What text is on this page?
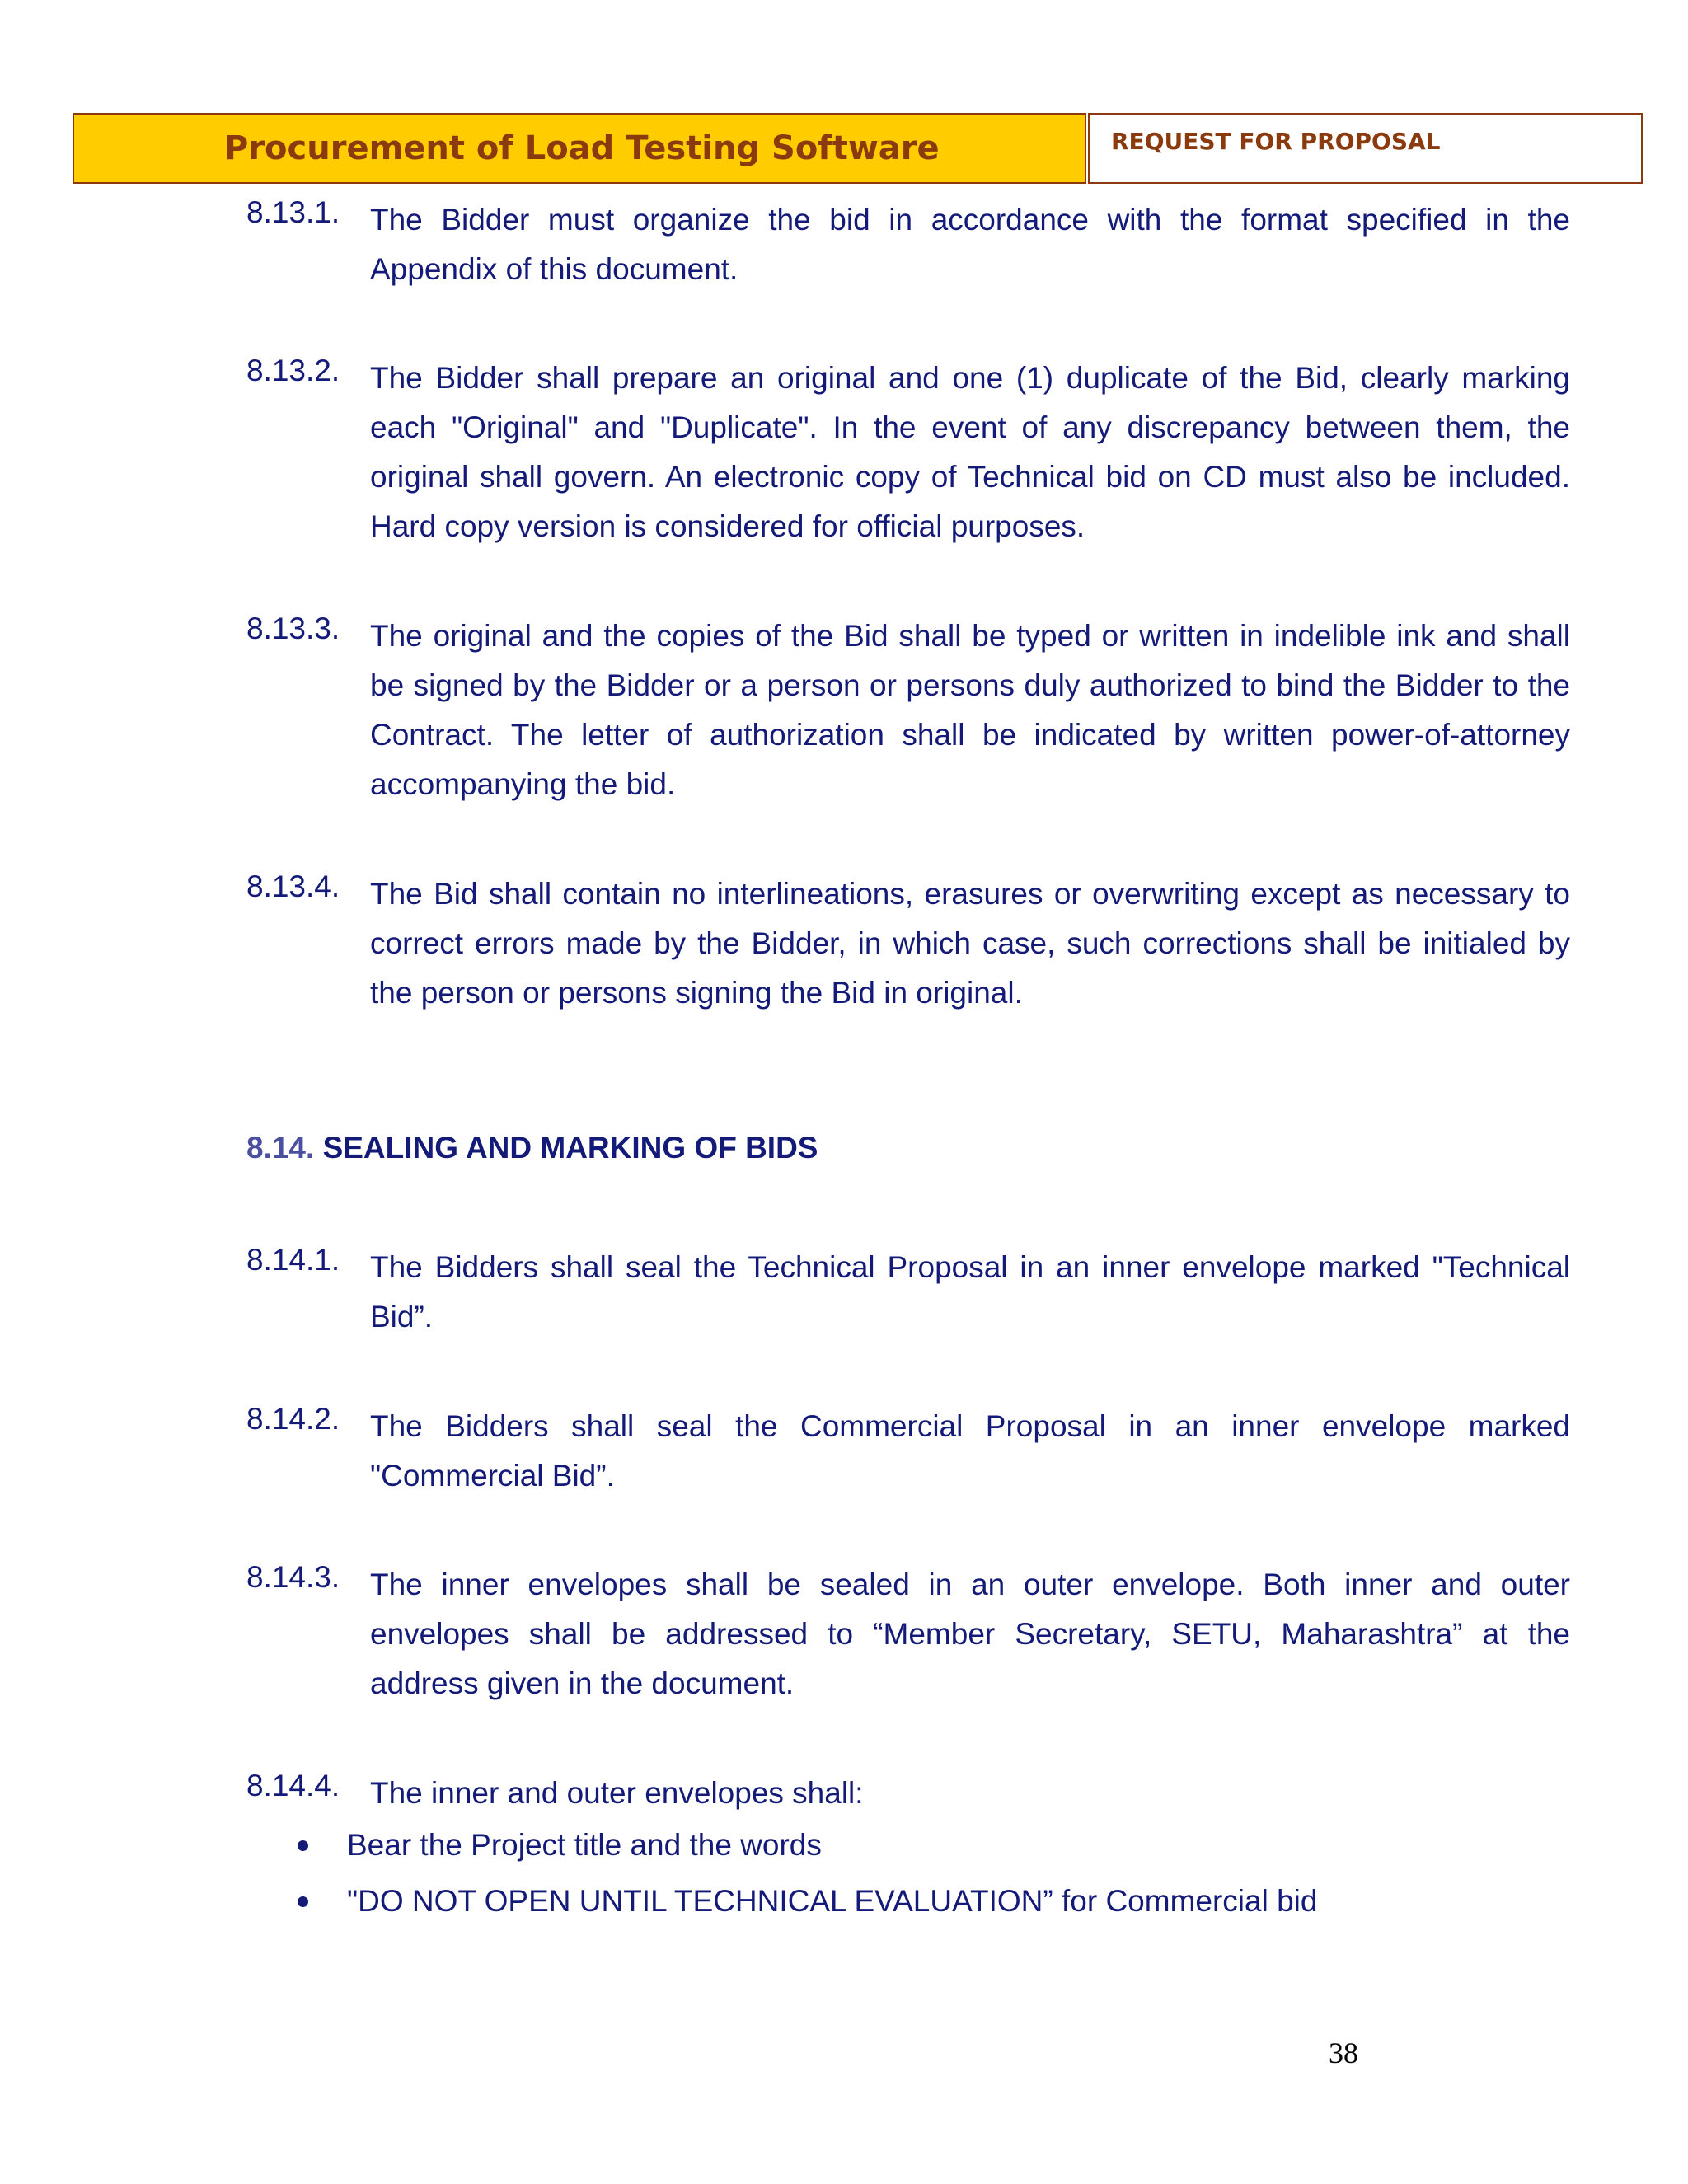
Procurement of Load Testing Software	REQUEST FOR PROPOSAL
8.13.1. The Bidder must organize the bid in accordance with the format specified in the Appendix of this document.
8.13.2. The Bidder shall prepare an original and one (1) duplicate of the Bid, clearly marking each "Original" and "Duplicate". In the event of any discrepancy between them, the original shall govern. An electronic copy of Technical bid on CD must also be included. Hard copy version is considered for official purposes.
8.13.3. The original and the copies of the Bid shall be typed or written in indelible ink and shall be signed by the Bidder or a person or persons duly authorized to bind the Bidder to the Contract. The letter of authorization shall be indicated by written power-of-attorney accompanying the bid.
8.13.4. The Bid shall contain no interlineations, erasures or overwriting except as necessary to correct errors made by the Bidder, in which case, such corrections shall be initialed by the person or persons signing the Bid in original.
8.14. SEALING AND MARKING OF BIDS
8.14.1. The Bidders shall seal the Technical Proposal in an inner envelope marked "Technical Bid”.
8.14.2. The Bidders shall seal the Commercial Proposal in an inner envelope marked "Commercial Bid”.
8.14.3. The inner envelopes shall be sealed in an outer envelope. Both inner and outer envelopes shall be addressed to “Member Secretary, SETU, Maharashtra” at the address given in the document.
8.14.4. The inner and outer envelopes shall:
Bear the Project title and the words
"DO NOT OPEN UNTIL TECHNICAL EVALUATION” for Commercial bid
38
